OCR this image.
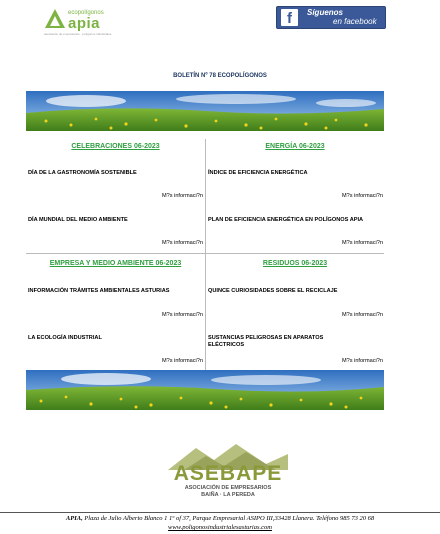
ecopolígonos
apia
asociación de empresarios · polígonos industriales
f	Síguenos
en facebook
BOLETÍN Nº 78 ECOPOLÍGONOS
CELEBRACIONES 06-2023
DÍA DE LA GASTRONOMÍA SOSTENIBLE
M?s informaci?n
DÍA MUNDIAL DEL MEDIO AMBIENTE
M?s informaci?n
ENERGÍA 06-2023
ÍNDICE DE EFICIENCIA ENERGÉTICA
M?s informaci?n
PLAN DE EFICIENCIA ENERGÉTICA EN POLÍGONOS APIA
M?s informaci?n
EMPRESA Y MEDIO AMBIENTE 06-2023
INFORMACIÓN TRÁMITES AMBIENTALES ASTURIAS
M?s informaci?n
LA ECOLOGÍA INDUSTRIAL
M?s informaci?n
RESIDUOS 06-2023
QUINCE CURIOSIDADES SOBRE EL RECICLAJE
M?s informaci?n
SUSTANCIAS PELIGROSAS EN APARATOS ELÉCTRICOS
M?s informaci?n
ASEBAPE
ASOCIACIÓN DE EMPRESARIOS
BAIÑA · LA PEREDA
APIA, Plaza de Julio Alberto Blanco 1 1º of 37, Parque Empresarial ASIPO III,33428 Llanera. Teléfono 985 73 20 68
www.poligonosindustrialesasturias.com
